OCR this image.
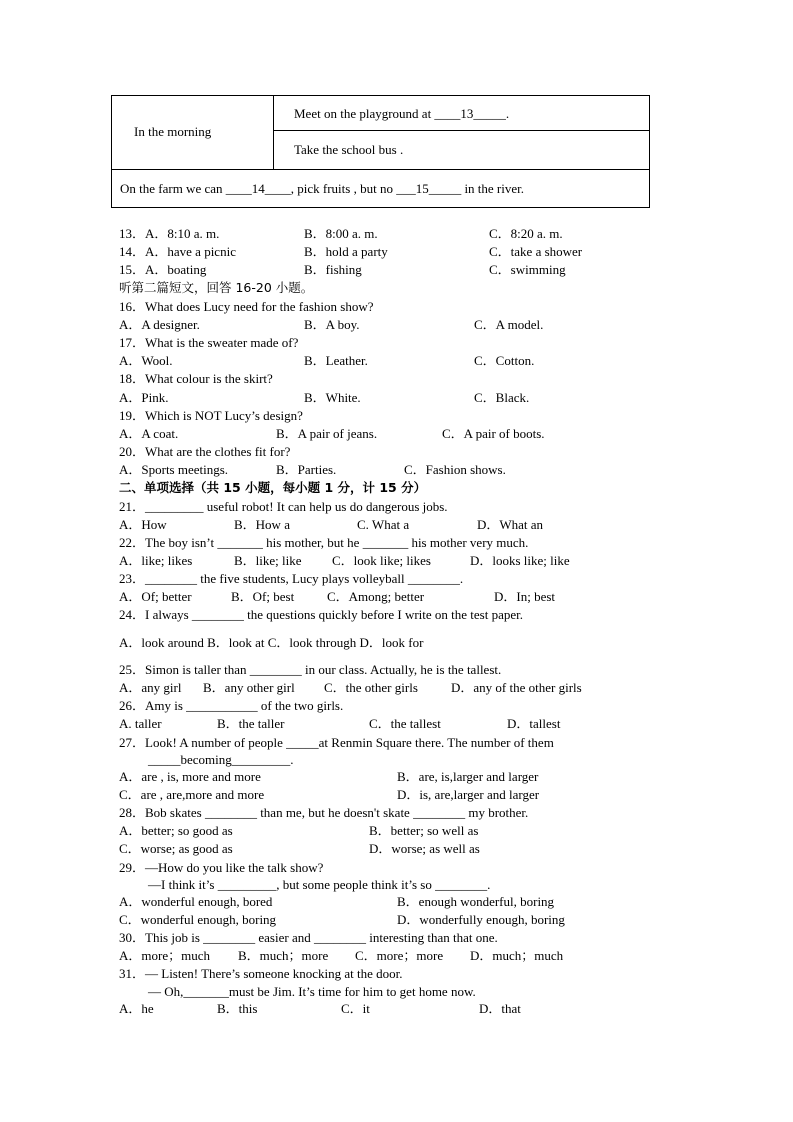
In the morning
Meet on the playground at ____13_____.
Take the school bus .
On the farm we can ____14____, pick fruits , but no ___15_____ in the river.
13．A．8:10 a. m.	B．8:00 a. m.	C．8:20 a. m.
14．A．have a picnic	B．hold a party	C．take a shower
15．A．boating	B．fishing	C．swimming
听第二篇短文，回答 16-20 小题。
16．What does Lucy need for the fashion show?
A．A designer.	B．A boy.	C．A model.
17．What is the sweater made of?
A．Wool.	B．Leather.	C．Cotton.
18．What colour is the skirt?
A．Pink.	B．White.	C．Black.
19．Which is NOT Lucy’s design?
A．A coat.	B．A pair of jeans.	C．A pair of boots.
20．What are the clothes fit for?
A．Sports meetings.	B．Parties.	C．Fashion shows.
二、单项选择（共 15 小题，每小题 1 分，计 15 分）
21．_________ useful robot! It can help us do dangerous jobs.
A．How	B．How a	C. What a	D．What an
22．The boy isn’t _______ his mother, but he _______ his mother very much.
A．like; likes	B．like; like C．look like; likes	D．looks like; like
23．________ the five students, Lucy plays volleyball ________.
A．Of; better	B．Of; best	C．Among; better	D．In; best
24．I always ________ the questions quickly before I write on the test paper.
A．look around B．look at C．look through D．look for
25．Simon is taller than ________ in our class. Actually, he is the tallest.
A．any girl B．any other girl C．the other girls	D．any of the other girls
26．Amy is ___________ of the two girls.
A. taller	B．the taller	C．the tallest	D．tallest
27．Look! A number of people _____at Renmin Square there. The number of them
_____becoming_________.
A．are , is, more and more	B．are, is,larger and larger
C．are , are,more and more	D．is, are,larger and larger
28．Bob skates ________ than me, but he doesn't skate ________ my brother.
A．better; so good as	B．better; so well as
C．worse; as good as	D．worse; as well as
29．—How do you like the talk show?
—I think it’s _________, but some people think it’s so ________.
A．wonderful enough, bored	B．enough wonderful, boring
C．wonderful enough, boring	D．wonderfully enough, boring
30．This job is ________ easier and ________ interesting than that one.
A．more；much B．much；more C．more；more D．much；much
31．— Listen! There’s someone knocking at the door.
— Oh,_______must be Jim. It’s time for him to get home now.
A．he	B．this	C．it	D．that
